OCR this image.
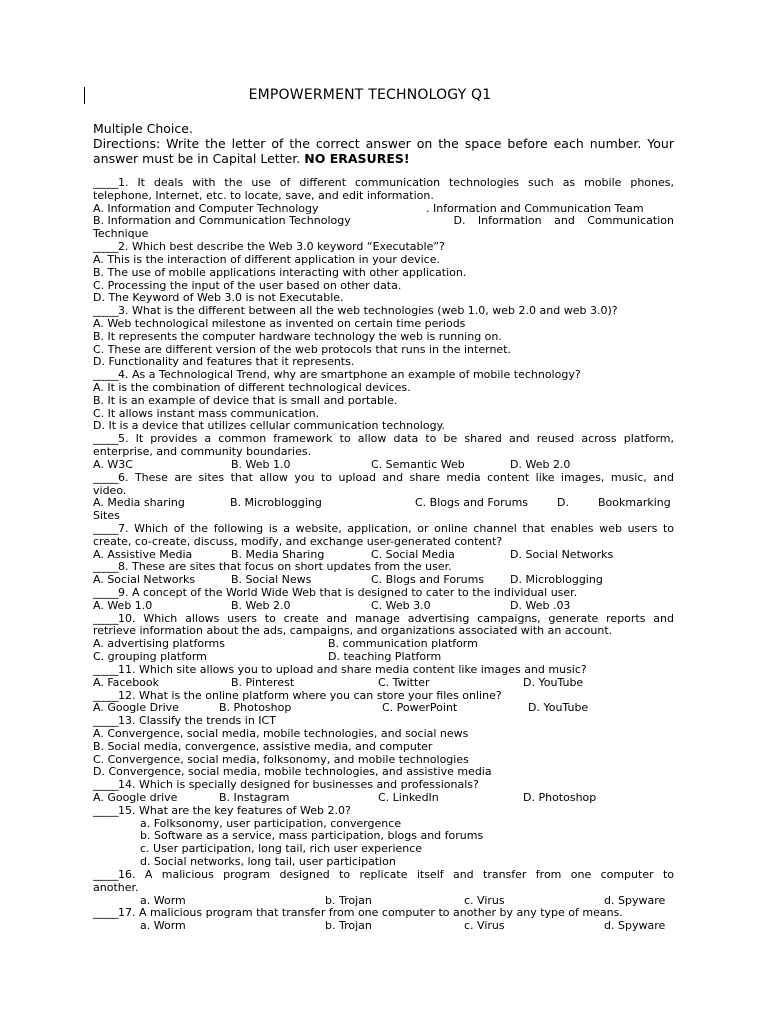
EMPOWERMENT TECHNOLOGY Q1
Multiple Choice.
Directions: Write the letter of the correct answer on the space before each number. Your answer must be in Capital Letter. NO ERASURES!
_____1. It deals with the use of different communication technologies such as mobile phones,
telephone, Internet, etc. to locate, save, and edit information.
A. Information and Computer Technology	. Information and Communication Team
B. Information and Communication Technology	D. Information and Communication
Technique
_____2. Which best describe the Web 3.0 keyword “Executable”?
A. This is the interaction of different application in your device.
B. The use of mobile applications interacting with other application.
C. Processing the input of the user based on other data.
D. The Keyword of Web 3.0 is not Executable.
_____3. What is the different between all the web technologies (web 1.0, web 2.0 and web 3.0)?
A. Web technological milestone as invented on certain time periods
B. It represents the computer hardware technology the web is running on.
C. These are different version of the web protocols that runs in the internet.
D. Functionality and features that it represents.
_____4. As a Technological Trend, why are smartphone an example of mobile technology?
A. It is the combination of different technological devices.
B. It is an example of device that is small and portable.
C. It allows instant mass communication.
D. It is a device that utilizes cellular communication technology.
_____5. It provides a common framework to allow data to be shared and reused across platform,
enterprise, and community boundaries.
A. W3C	B. Web 1.0	C. Semantic Web	D. Web 2.0
_____6. These are sites that allow you to upload and share media content like images, music, and
video.
A. Media sharing	B. Microblogging	C. Blogs and Forums	D.	Bookmarking
Sites
_____7. Which of the following is a website, application, or online channel that enables web users to
create, co-create, discuss, modify, and exchange user-generated content?
A. Assistive Media	B. Media Sharing	C. Social Media	D. Social Networks
_____8. These are sites that focus on short updates from the user.
A. Social Networks	B. Social News	C. Blogs and Forums D. Microblogging
_____9. A concept of the World Wide Web that is designed to cater to the individual user.
A. Web 1.0	B. Web 2.0	C. Web 3.0	D. Web .03
_____10. Which allows users to create and manage advertising campaigns, generate reports and
retrieve information about the ads, campaigns, and organizations associated with an account.
A. advertising platforms	B. communication platform
C. grouping platform	D. teaching Platform
_____11. Which site allows you to upload and share media content like images and music?
A. Facebook	B. Pinterest	C. Twitter	D. YouTube
_____12. What is the online platform where you can store your files online?
A. Google Drive	B. Photoshop	C. PowerPoint	D. YouTube
_____13. Classify the trends in ICT
A. Convergence, social media, mobile technologies, and social news
B. Social media, convergence, assistive media, and computer
C. Convergence, social media, folksonomy, and mobile technologies
D. Convergence, social media, mobile technologies, and assistive media
_____14. Which is specially designed for businesses and professionals?
A. Google drive	B. Instagram	C. LinkedIn	D. Photoshop
_____15. What are the key features of Web 2.0?
a. Folksonomy, user participation, convergence
b. Software as a service, mass participation, blogs and forums
c. User participation, long tail, rich user experience
d. Social networks, long tail, user participation
_____16. A malicious program designed to replicate itself and transfer from one computer to
another.
a. Worm	b. Trojan	c. Virus	d. Spyware
_____17. A malicious program that transfer from one computer to another by any type of means.
a. Worm	b. Trojan	c. Virus	d. Spyware
